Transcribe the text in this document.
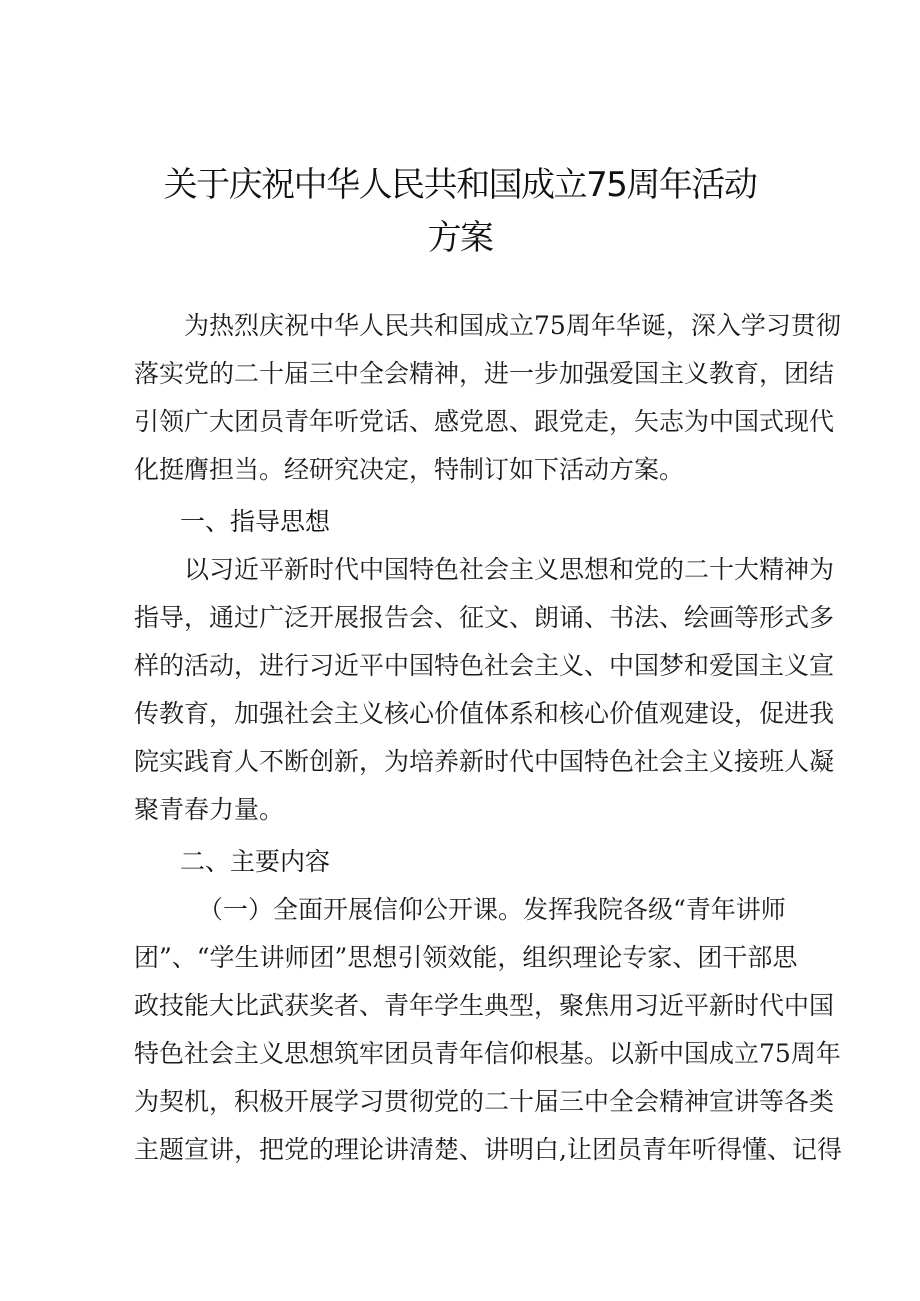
关于庆祝中华人民共和国成立75周年活动
方案
为热烈庆祝中华人民共和国成立75周年华诞，深入学习贯彻
落实党的二十届三中全会精神，进一步加强爱国主义教育，团结
引领广大团员青年听党话、感党恩、跟党走，矢志为中国式现代
化挺膺担当。经研究决定，特制订如下活动方案。
一、指导思想
以习近平新时代中国特色社会主义思想和党的二十大精神为
指导，通过广泛开展报告会、征文、朗诵、书法、绘画等形式多
样的活动，进行习近平中国特色社会主义、中国梦和爱国主义宣
传教育，加强社会主义核心价值体系和核心价值观建设，促进我
院实践育人不断创新，为培养新时代中国特色社会主义接班人凝
聚青春力量。
二、主要内容
（一）全面开展信仰公开课。发挥我院各级“青年讲师
团”、“学生讲师团”思想引领效能，组织理论专家、团干部思
政技能大比武获奖者、青年学生典型，聚焦用习近平新时代中国
特色社会主义思想筑牢团员青年信仰根基。以新中国成立75周年
为契机，积极开展学习贯彻党的二十届三中全会精神宣讲等各类
主题宣讲，把党的理论讲清楚、讲明白,让团员青年听得懂、记得
